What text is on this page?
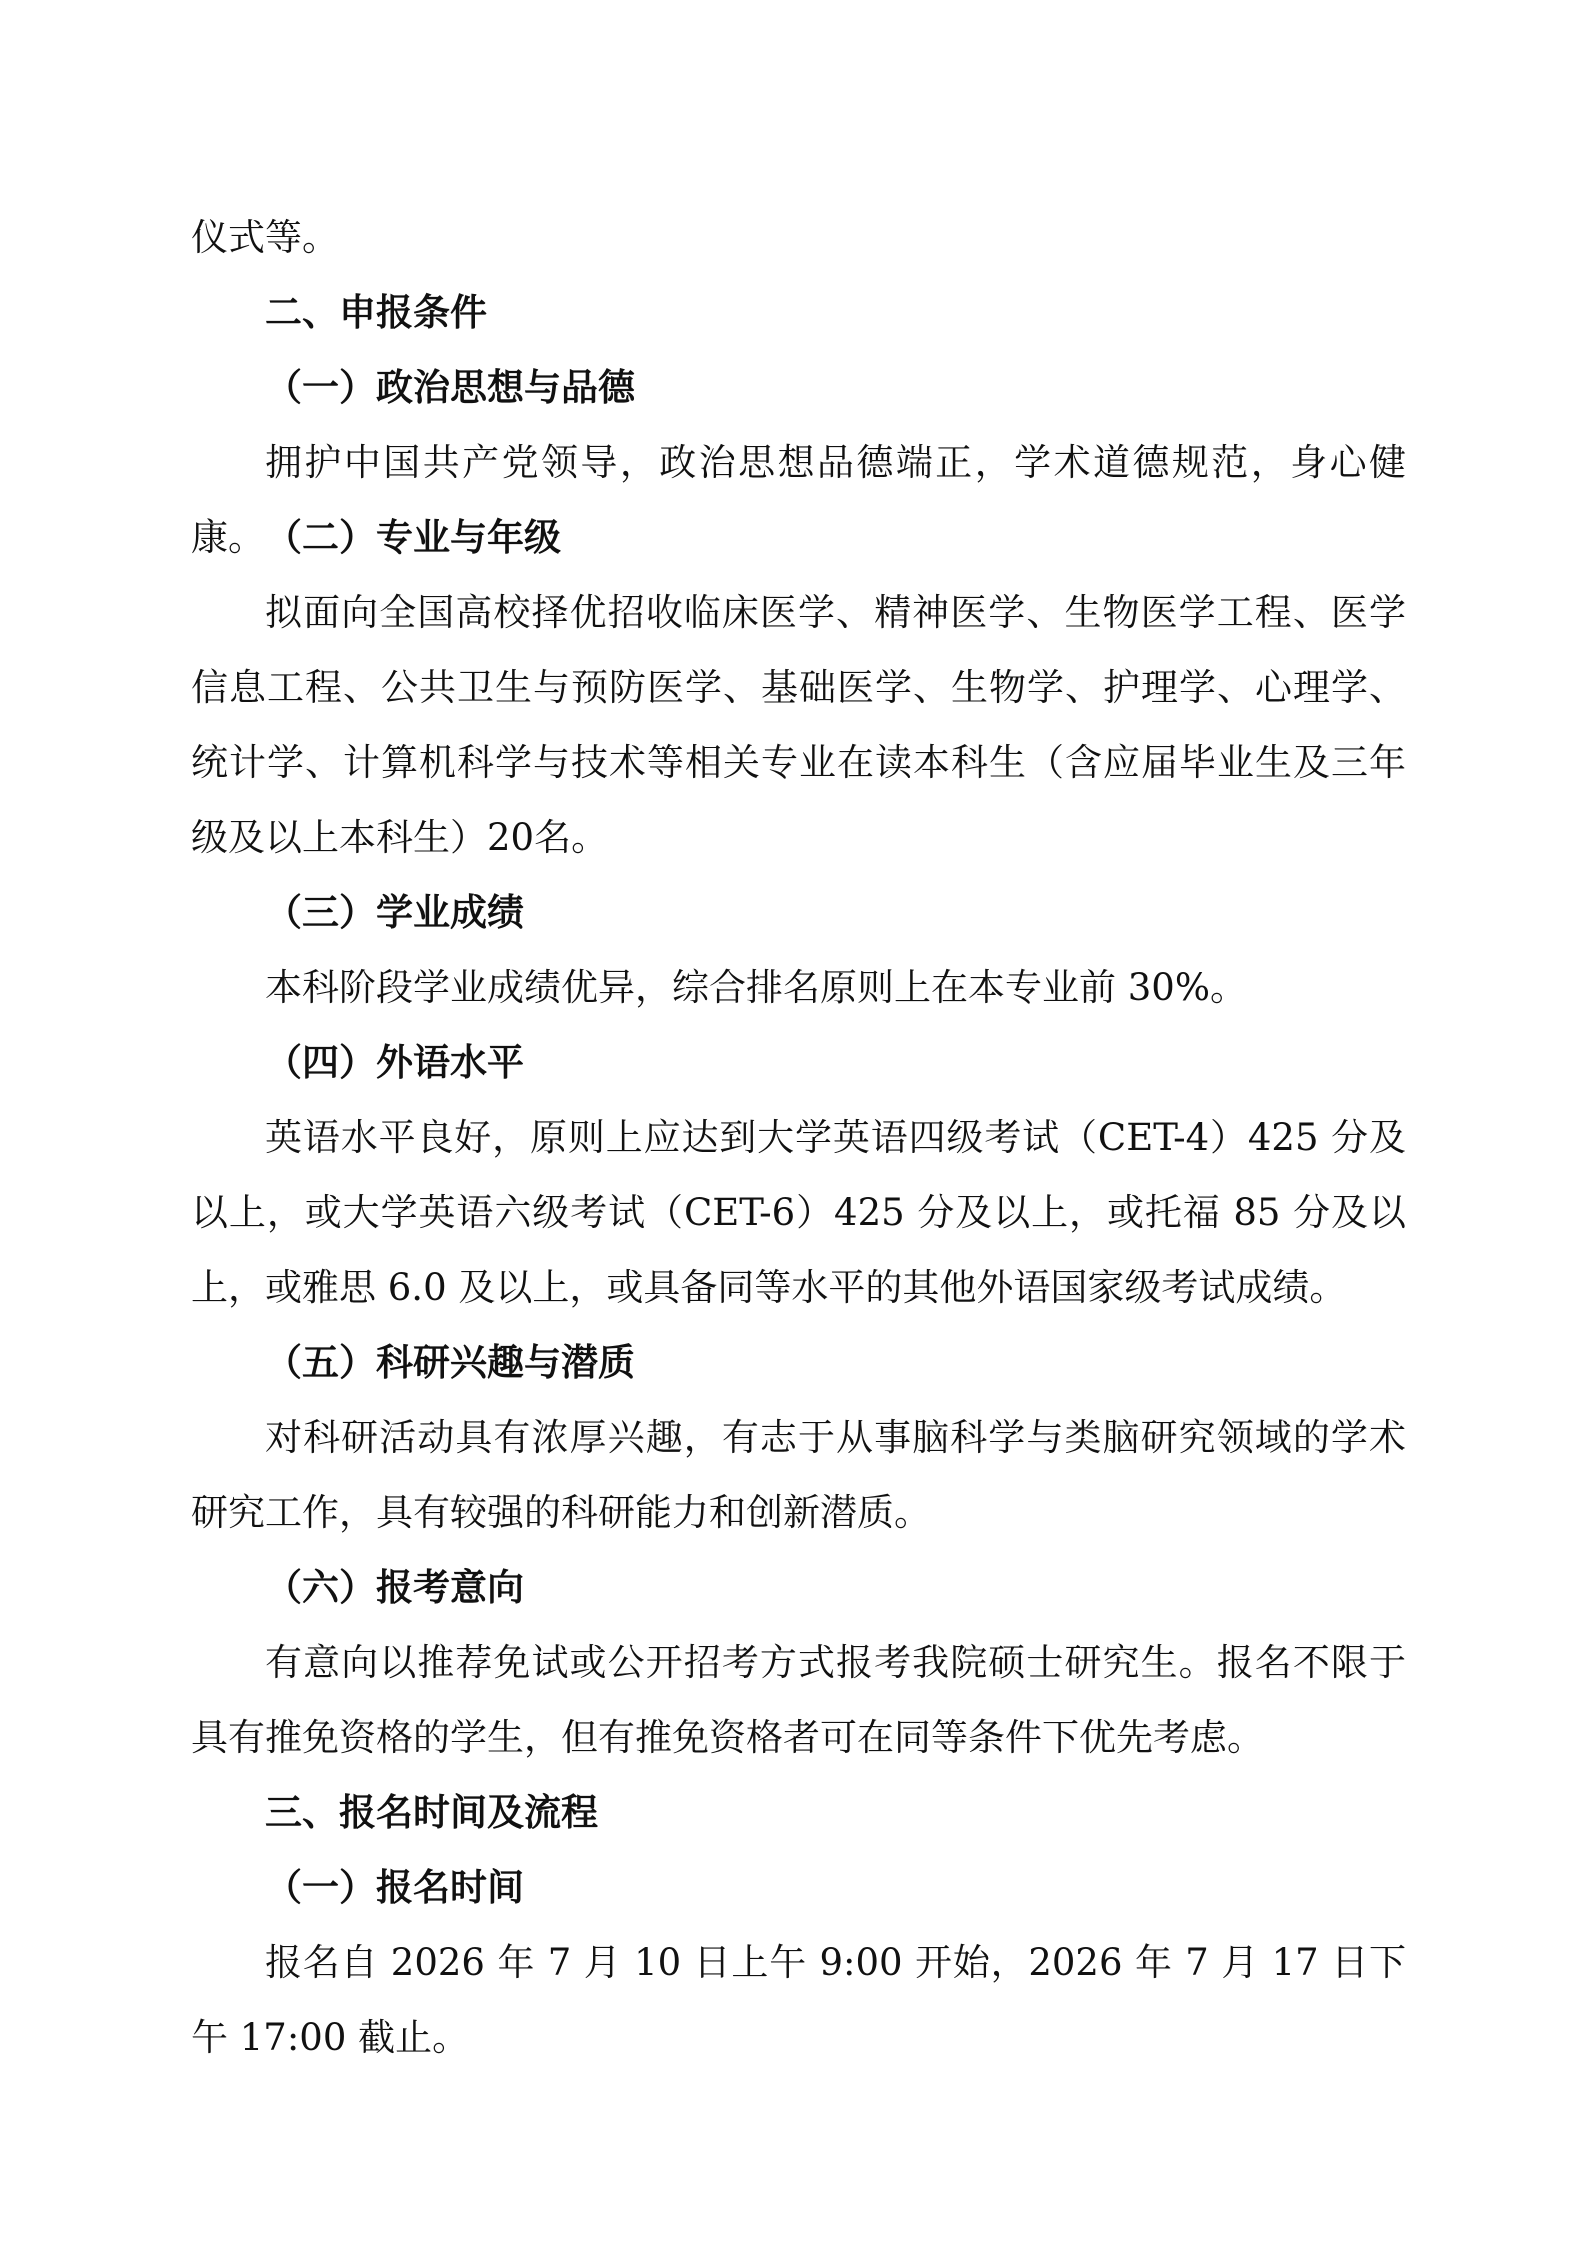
仪式等。

二、申报条件

（一）政治思想与品德

拥护中国共产党领导，政治思想品德端正，学术道德规范，身心健康。 （二）专业与年级

拟面向全国高校择优招收临床医学、精神医学、生物医学工程、医学信息工程、公共卫生与预防医学、基础医学、生物学、护理学、心理学、统计学、计算机科学与技术等相关专业在读本科生（含应届毕业生及三年级及以上本科生）20名。

（三）学业成绩

本科阶段学业成绩优异，综合排名原则上在本专业前 30%。

（四）外语水平

英语水平良好，原则上应达到大学英语四级考试（CET-4）425 分及以上，或大学英语六级考试（CET-6）425 分及以上，或托福 85 分及以上，或雅思 6.0 及以上，或具备同等水平的其他外语国家级考试成绩。

（五）科研兴趣与潜质

对科研活动具有浓厚兴趣，有志于从事脑科学与类脑研究领域的学术研究工作，具有较强的科研能力和创新潜质。

（六）报考意向

有意向以推荐免试或公开招考方式报考我院硕士研究生。报名不限于具有推免资格的学生，但有推免资格者可在同等条件下优先考虑。

三、报名时间及流程

（一）报名时间

报名自 2026 年 7 月 10 日上午 9:00 开始，2026 年 7 月 17 日下午 17:00 截止。
